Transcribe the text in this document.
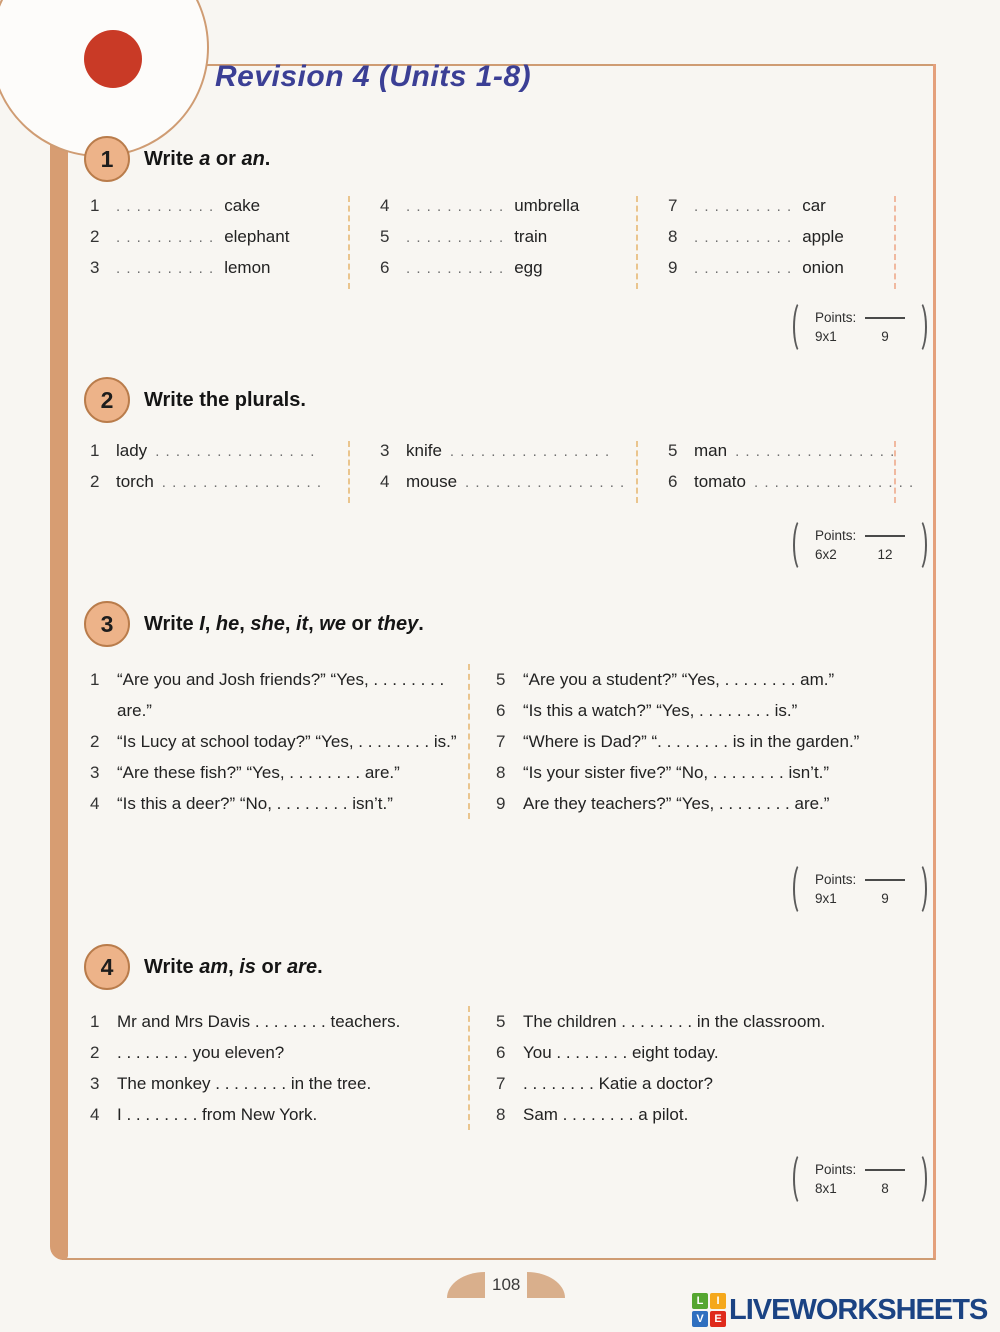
Revision 4 (Units 1-8)
1	Write a or an.
1	. . . . . . . . . . cake
2	. . . . . . . . . . elephant
3	. . . . . . . . . . lemon
4	. . . . . . . . . . umbrella
5	. . . . . . . . . . train
6	. . . . . . . . . . egg
7	. . . . . . . . . . car
8	. . . . . . . . . . apple
9	. . . . . . . . . . onion
Points:
9x1	9
2	Write the plurals.
1 lady . . . . . . . . . . . . . . . .
2 torch . . . . . . . . . . . . . . . .
3 knife . . . . . . . . . . . . . . . .
4 mouse . . . . . . . . . . . . . . . .
5 man . . . . . . . . . . . . . . . .
6 tomato . . . . . . . . . . . . . . . .
Points:
6x2	12
3	Write I, he, she, it, we or they.
1	“Are you and Josh friends?” “Yes, . . . . . . . . are.”
2	“Is Lucy at school today?” “Yes, . . . . . . . . is.”
3	“Are these fish?” “Yes, . . . . . . . . are.”
4	“Is this a deer?” “No, . . . . . . . . isn’t.”
5	“Are you a student?” “Yes, . . . . . . . . am.”
6	“Is this a watch?” “Yes, . . . . . . . . is.”
7	“Where is Dad?” “. . . . . . . . is in the garden.”
8	“Is your sister five?” “No, . . . . . . . . isn’t.”
9	Are they teachers?” “Yes, . . . . . . . . are.”
Points:
9x1	9
4	Write am, is or are.
1	Mr and Mrs Davis . . . . . . . . teachers.
2	. . . . . . . . you eleven?
3	The monkey . . . . . . . . in the tree.
4	I . . . . . . . . from New York.
5	The children . . . . . . . . in the classroom.
6	You . . . . . . . . eight today.
7	. . . . . . . . Katie a doctor?
8	Sam . . . . . . . . a pilot.
Points:
8x1	8
108
L	I
V E LIVEWORKSHEETS
